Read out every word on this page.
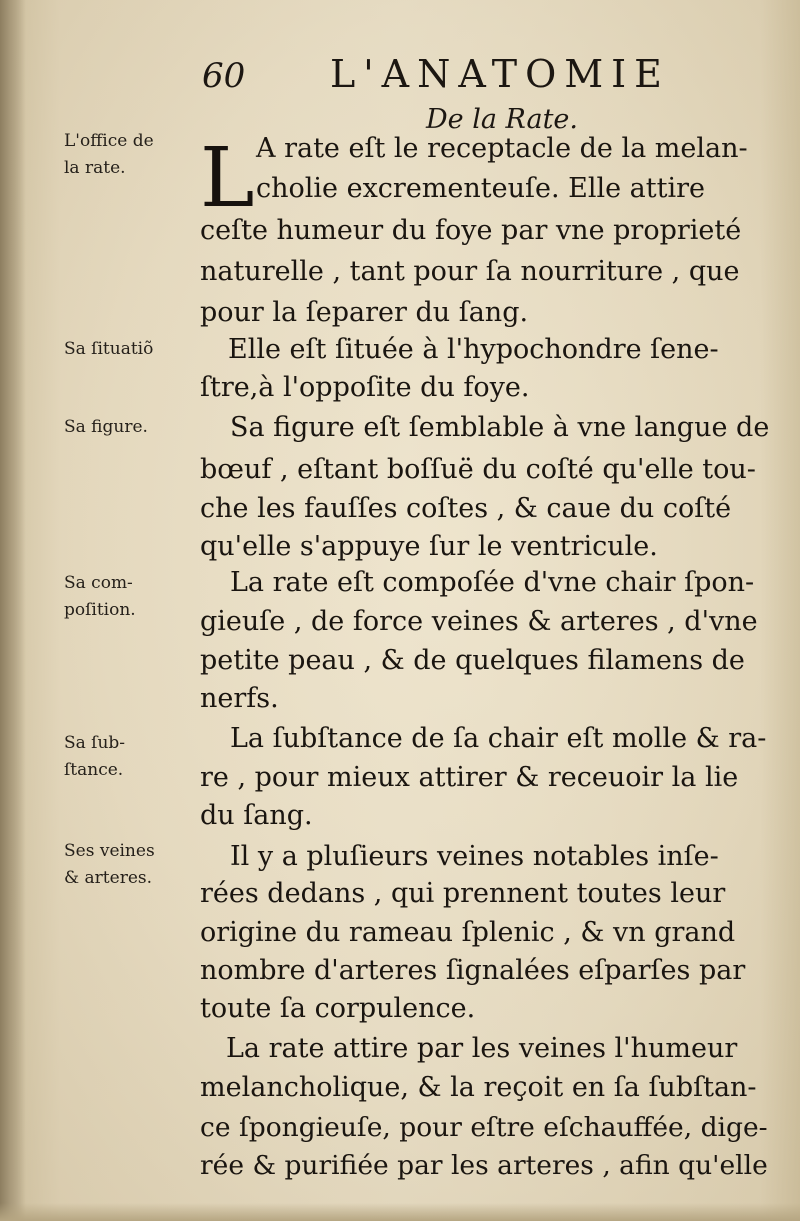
60 L'ANATOMIE
De la Rate.
L'office de
la rate.
Sa ſituatiõ
Sa figure.
Sa com-
poſition.
Sa ſub-
ſtance.
Ses veines
& arteres.
L A rate eſt le receptacle de la melan-
cholie excrementeuſe. Elle attire
ceſte humeur du foye par vne proprieté
naturelle , tant pour ſa nourriture , que
pour la ſeparer du ſang.
Elle eſt ſituée à l'hypochondre ſene-
ſtre,à l'oppoſite du foye.
Sa figure eſt ſemblable à vne langue de
bœuf , eſtant boſſuë du coſté qu'elle tou-
che les fauſſes coſtes , & caue du coſté
qu'elle s'appuye ſur le ventricule.
La rate eſt compoſée d'vne chair ſpon-
gieuſe , de force veines & arteres , d'vne
petite peau , & de quelques filamens de
nerfs.
La ſubſtance de ſa chair eſt molle & ra-
re , pour mieux attirer & receuoir la lie
du ſang.
Il y a pluſieurs veines notables inſe-
rées dedans , qui prennent toutes leur
origine du rameau ſplenic , & vn grand
nombre d'arteres ſignalées eſparſes par
toute ſa corpulence.
La rate attire par les veines l'humeur
melancholique, & la reçoit en ſa ſubſtan-
ce ſpongieuſe, pour eſtre eſchauffée, dige-
rée & purifiée par les arteres , afin qu'elle
